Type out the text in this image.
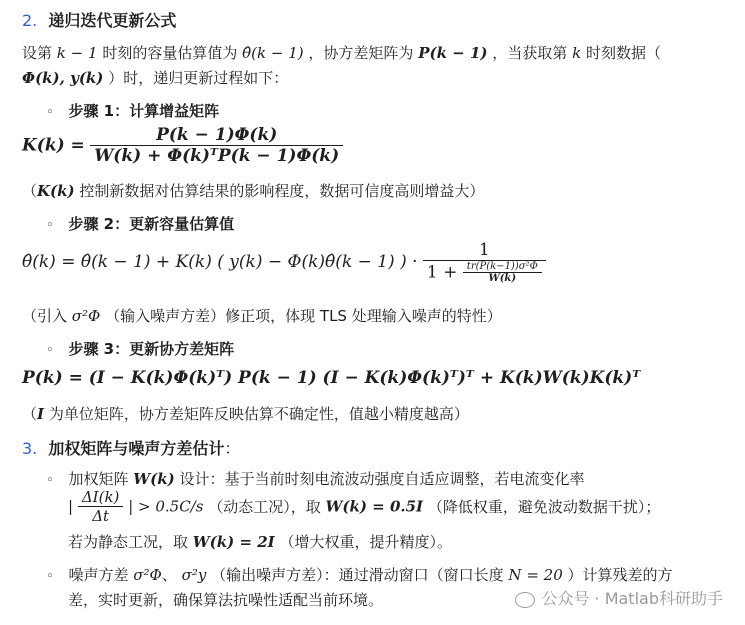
2. 递归迭代更新公式
设第 k − 1 时刻的容量估算值为 θ̂(k − 1) ，协方差矩阵为 P(k − 1) ，当获取第 k 时刻数据（
Φ(k), y(k) ）时，递归更新过程如下：
◦ 步骤 1：计算增益矩阵
$K(k) = \frac{P(k - 1)\Phi(k)}{\text{W(k) + Φ(k)ᵀP(k − 1)Φ(k)}}$
（K(k) 控制新数据对估算结果的影响程度，数据可信度高则增益大）
◦ 步骤 2：更新容量估算值
θ̂(k) = θ̂(k − 1) + K(k) ( y(k) − Φ(k)θ̂(k − 1) ) · $\frac{1}{1 + \frac{\text{tr(P(k−1))σ²Φ}}{W(k)}}$
（引入 σ²Φ （输入噪声方差）修正项，体现 TLS 处理输入噪声的特性）
◦ 步骤 3：更新协方差矩阵
P(k) = (I − K(k)Φ(k)ᵀ) P(k − 1) (I − K(k)Φ(k)ᵀ)ᵀ + K(k)W(k)K(k)ᵀ
（I 为单位矩阵，协方差矩阵反映估算不确定性，值越小精度越高）
3. 加权矩阵与噪声方差估计：
◦ 加权矩阵 W(k) 设计：基于当前时刻电流波动强度自适应调整，若电流变化率
| $\frac{\Delta I(k)}{\Delta t}$ | > 0.5C/s （动态工况），取 W(k) = 0.5I （降低权重，避免波动数据干扰）；
若为静态工况，取 W(k) = 2I （增大权重，提升精度）。
◦ 噪声方差 σ²Φ、 σ²y （输出噪声方差）：通过滑动窗口（窗口长度 N = 20 ）计算残差的方
差，实时更新，确保算法抗噪性适配当前环境。	公众号 · Matlab科研助手
